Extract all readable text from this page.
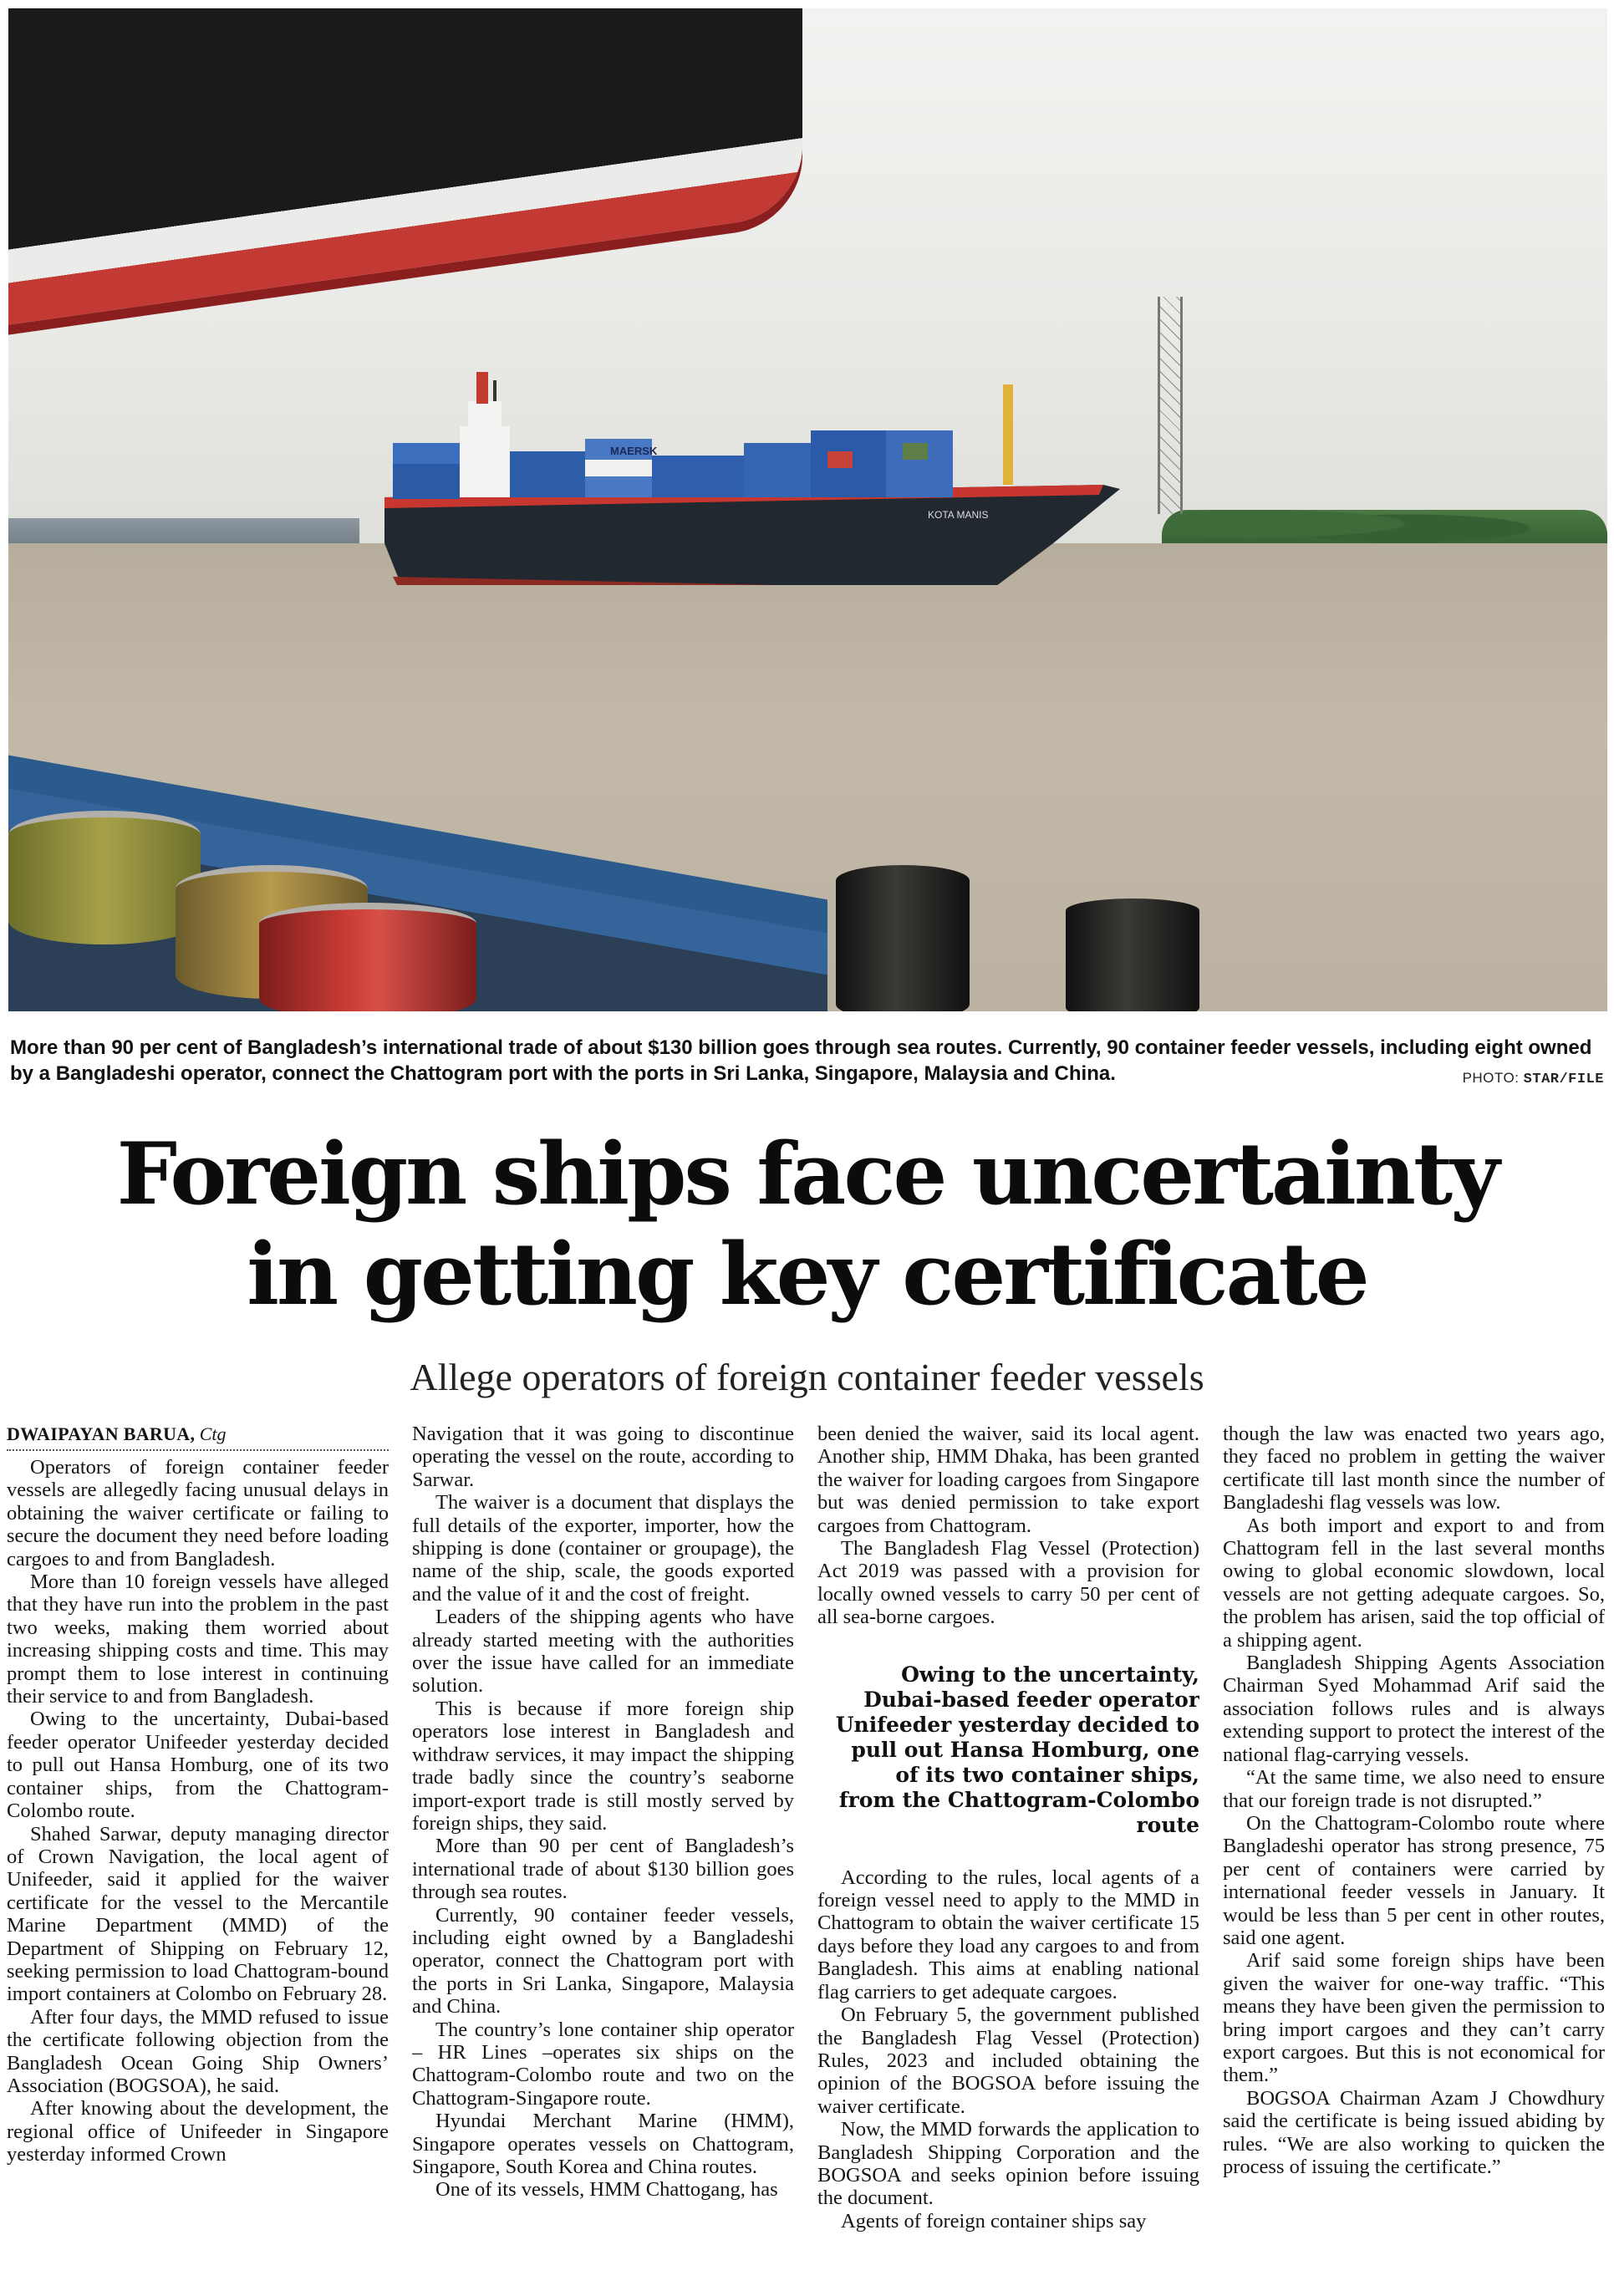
MAERSK
KOTA MANIS
More than 90 per cent of Bangladesh’s international trade of about $130 billion goes through sea routes. Currently, 90 container feeder vessels, including eight owned by a Bangladeshi operator, connect the Chattogram port with the ports in Sri Lanka, Singapore, Malaysia and China.	PHOTO: STAR/FILE
Foreign ships face uncertainty
in getting key certificate
Allege operators of foreign container feeder vessels

DWAIPAYAN BARUA, Ctg

Operators of foreign container feeder vessels are allegedly facing unusual delays in obtaining the waiver certificate or failing to secure the document they need before loading cargoes to and from Bangladesh.

More than 10 foreign vessels have alleged that they have run into the problem in the past two weeks, making them worried about increasing shipping costs and time. This may prompt them to lose interest in continuing their service to and from Bangladesh.

Owing to the uncertainty, Dubai-based feeder operator Unifeeder yesterday decided to pull out Hansa Homburg, one of its two container ships, from the Chattogram-Colombo route.

Shahed Sarwar, deputy managing director of Crown Navigation, the local agent of Unifeeder, said it applied for the waiver certificate for the vessel to the Mercantile Marine Department (MMD) of the Department of Shipping on February 12, seeking permission to load Chattogram-bound import containers at Colombo on February 28.

After four days, the MMD refused to issue the certificate following objection from the Bangladesh Ocean Going Ship Owners’ Association (BOGSOA), he said.

After knowing about the development, the regional office of Unifeeder in Singapore yesterday informed Crown

Navigation that it was going to discontinue operating the vessel on the route, according to Sarwar.

The waiver is a document that displays the full details of the exporter, importer, how the shipping is done (container or groupage), the name of the ship, scale, the goods exported and the value of it and the cost of freight.

Leaders of the shipping agents who have already started meeting with the authorities over the issue have called for an immediate solution.

This is because if more foreign ship operators lose interest in Bangladesh and withdraw services, it may impact the shipping trade badly since the country’s seaborne import-export trade is still mostly served by foreign ships, they said.

More than 90 per cent of Bangladesh’s international trade of about $130 billion goes through sea routes.

Currently, 90 container feeder vessels, including eight owned by a Bangladeshi operator, connect the Chattogram port with the ports in Sri Lanka, Singapore, Malaysia and China.

The country’s lone container ship operator – HR Lines –operates six ships on the Chattogram-Colombo route and two on the Chattogram-Singapore route.

Hyundai Merchant Marine (HMM), Singapore operates vessels on Chattogram, Singapore, South Korea and China routes.

One of its vessels, HMM Chattogang, has

been denied the waiver, said its local agent. Another ship, HMM Dhaka, has been granted the waiver for loading cargoes from Singapore but was denied permission to take export cargoes from Chattogram.

The Bangladesh Flag Vessel (Protection) Act 2019 was passed with a provision for locally owned vessels to carry 50 per cent of all sea-borne cargoes.

Owing to the uncertainty, Dubai-based feeder operator Unifeeder yesterday decided to pull out Hansa Homburg, one of its two container ships, from the Chattogram-Colombo route

According to the rules, local agents of a foreign vessel need to apply to the MMD in Chattogram to obtain the waiver certificate 15 days before they load any cargoes to and from Bangladesh. This aims at enabling national flag carriers to get adequate cargoes.

On February 5, the government published the Bangladesh Flag Vessel (Protection) Rules, 2023 and included obtaining the opinion of the BOGSOA before issuing the waiver certificate.

Now, the MMD forwards the application to Bangladesh Shipping Corporation and the BOGSOA and seeks opinion before issuing the document.

Agents of foreign container ships say

though the law was enacted two years ago, they faced no problem in getting the waiver certificate till last month since the number of Bangladeshi flag vessels was low.

As both import and export to and from Chattogram fell in the last several months owing to global economic slowdown, local vessels are not getting adequate cargoes. So, the problem has arisen, said the top official of a shipping agent.

Bangladesh Shipping Agents Association Chairman Syed Mohammad Arif said the association follows rules and is always extending support to protect the interest of the national flag-carrying vessels.

“At the same time, we also need to ensure that our foreign trade is not disrupted.”

On the Chattogram-Colombo route where Bangladeshi operator has strong presence, 75 per cent of containers were carried by international feeder vessels in January. It would be less than 5 per cent in other routes, said one agent.

Arif said some foreign ships have been given the waiver for one-way traffic. “This means they have been given the permission to bring import cargoes and they can’t carry export cargoes. But this is not economical for them.”

BOGSOA Chairman Azam J Chowdhury said the certificate is being issued abiding by rules. “We are also working to quicken the process of issuing the certificate.”
